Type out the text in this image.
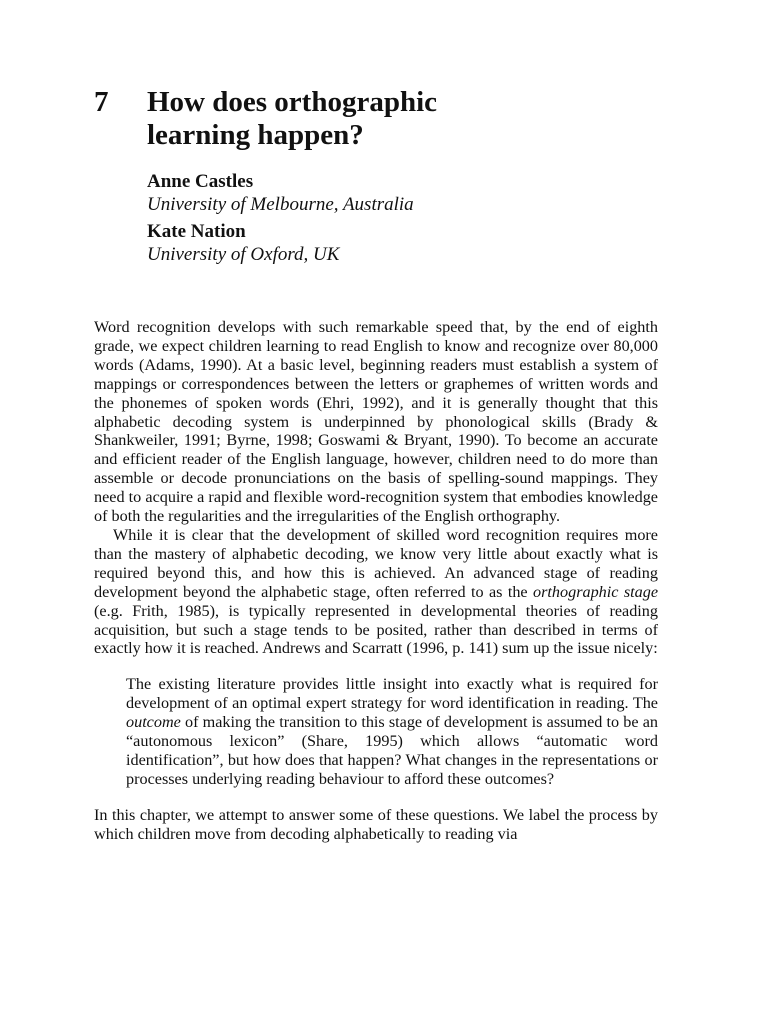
7 How does orthographic
learning happen?
Anne Castles
University of Melbourne, Australia
Kate Nation
University of Oxford, UK

Word recognition develops with such remarkable speed that, by the end of eighth grade, we expect children learning to read English to know and recognize over 80,000 words (Adams, 1990). At a basic level, beginning readers must establish a system of mappings or correspondences between the letters or graphemes of written words and the phonemes of spoken words (Ehri, 1992), and it is generally thought that this alphabetic decoding system is underpinned by phonological skills (Brady & Shankweiler, 1991; Byrne, 1998; Goswami & Bryant, 1990). To become an accurate and efficient reader of the English language, however, children need to do more than assemble or decode pronunciations on the basis of spelling-sound mappings. They need to acquire a rapid and flexible word-recognition system that embodies knowledge of both the regularities and the irregularities of the English orthography.

While it is clear that the development of skilled word recognition requires more than the mastery of alphabetic decoding, we know very little about exactly what is required beyond this, and how this is achieved. An advanced stage of reading development beyond the alphabetic stage, often referred to as the orthographic stage (e.g. Frith, 1985), is typically represented in developmental theories of reading acquisition, but such a stage tends to be posited, rather than described in terms of exactly how it is reached. Andrews and Scarratt (1996, p. 141) sum up the issue nicely:

The existing literature provides little insight into exactly what is required for development of an optimal expert strategy for word identification in reading. The outcome of making the transition to this stage of development is assumed to be an “autonomous lexicon” (Share, 1995) which allows “automatic word identification”, but how does that happen? What changes in the representations or processes underlying reading behaviour to afford these outcomes?

In this chapter, we attempt to answer some of these questions. We label the process by which children move from decoding alphabetically to reading via
